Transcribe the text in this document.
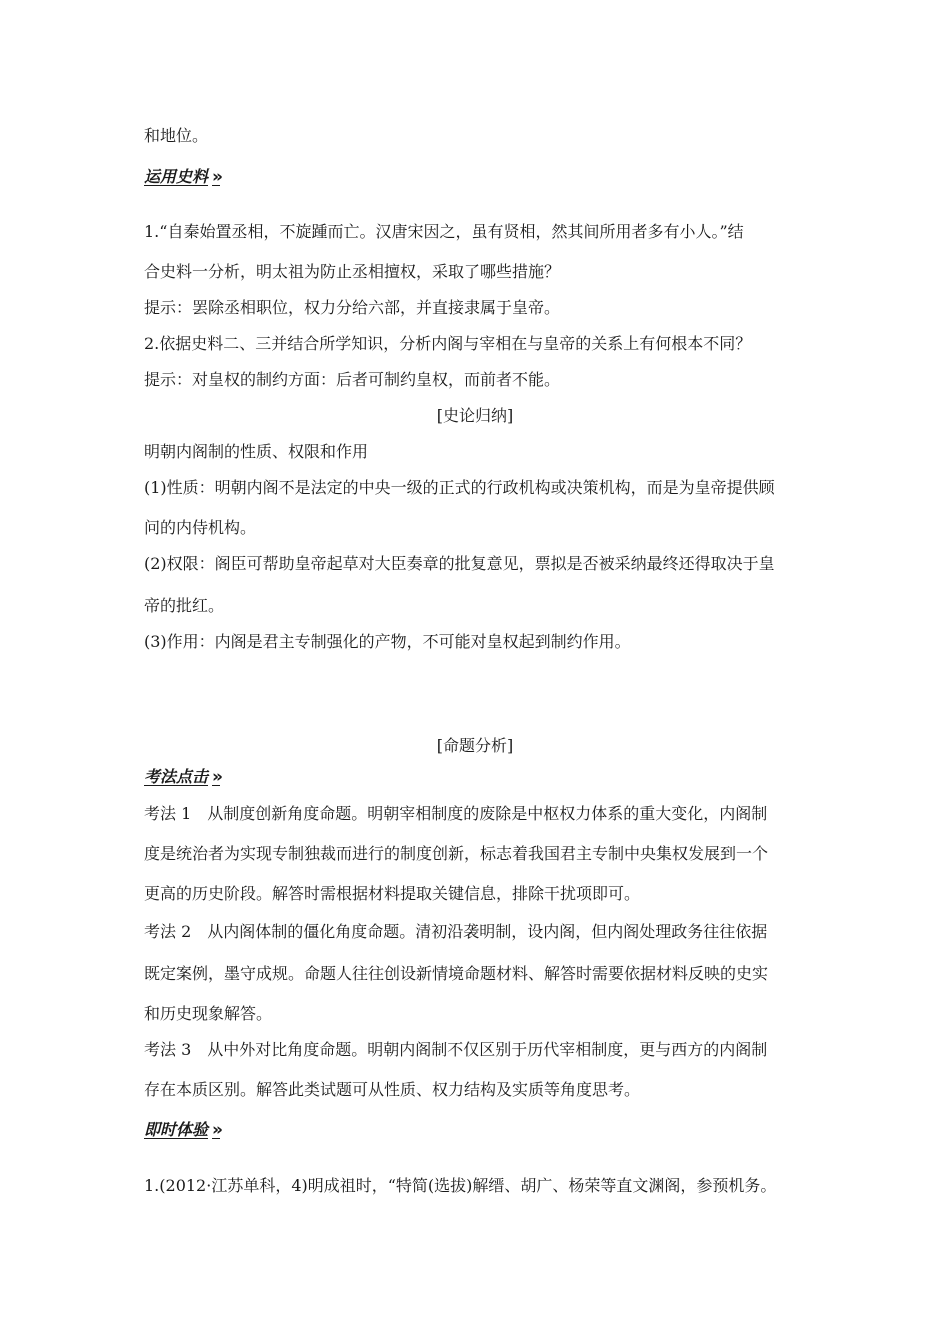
和地位。
运用史料 »
1.“自秦始置丞相，不旋踵而亡。汉唐宋因之，虽有贤相，然其间所用者多有小人。”结
合史料一分析，明太祖为防止丞相擅权，采取了哪些措施？
提示：罢除丞相职位，权力分给六部，并直接隶属于皇帝。
2.依据史料二、三并结合所学知识，分析内阁与宰相在与皇帝的关系上有何根本不同？
提示：对皇权的制约方面：后者可制约皇权，而前者不能。
[史论归纳]
明朝内阁制的性质、权限和作用
(1)性质：明朝内阁不是法定的中央一级的正式的行政机构或决策机构，而是为皇帝提供顾
问的内侍机构。
(2)权限：阁臣可帮助皇帝起草对大臣奏章的批复意见，票拟是否被采纳最终还得取决于皇
帝的批红。
(3)作用：内阁是君主专制强化的产物，不可能对皇权起到制约作用。
[命题分析]
考法点击 »
考法 1　从制度创新角度命题。明朝宰相制度的废除是中枢权力体系的重大变化，内阁制
度是统治者为实现专制独裁而进行的制度创新，标志着我国君主专制中央集权发展到一个
更高的历史阶段。解答时需根据材料提取关键信息，排除干扰项即可。
考法 2　从内阁体制的僵化角度命题。清初沿袭明制，设内阁，但内阁处理政务往往依据
既定案例，墨守成规。命题人往往创设新情境命题材料、解答时需要依据材料反映的史实
和历史现象解答。
考法 3　从中外对比角度命题。明朝内阁制不仅区别于历代宰相制度，更与西方的内阁制
存在本质区别。解答此类试题可从性质、权力结构及实质等角度思考。
即时体验 »
1.(2012·江苏单科，4)明成祖时，“特简(选拔)解缙、胡广、杨荣等直文渊阁，参预机务。
